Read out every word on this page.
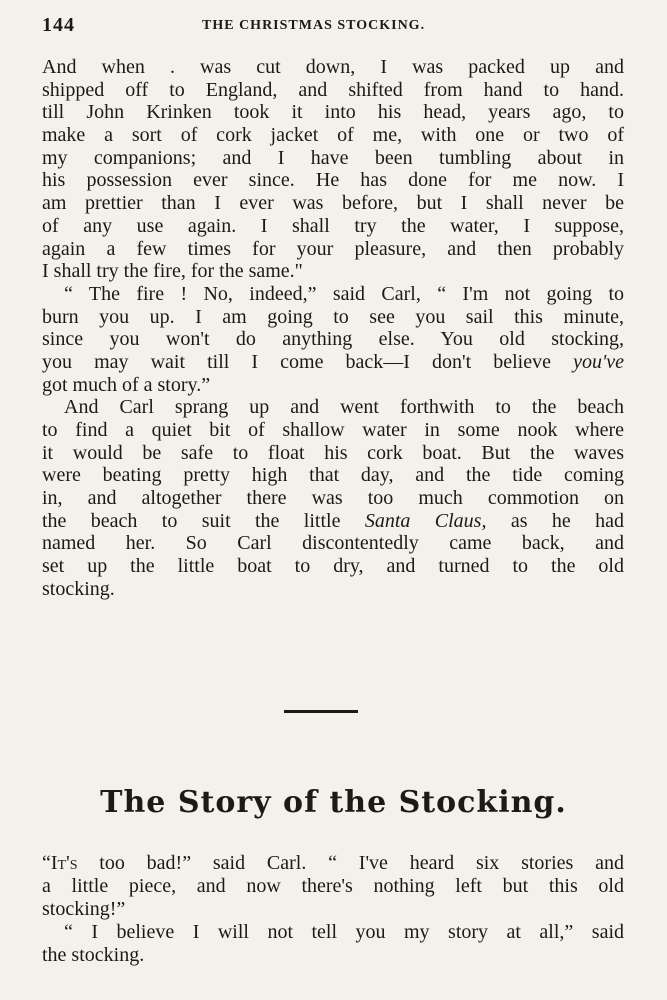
144	THE CHRISTMAS STOCKING.
And when . was cut down, I was packed up and
shipped off to England, and shifted from hand to hand.
till John Krinken took it into his head, years ago, to
make a sort of cork jacket of me, with one or two of
my companions; and I have been tumbling about in
his possession ever since. He has done for me now. I
am prettier than I ever was before, but I shall never be
of any use again. I shall try the water, I suppose,
again a few times for your pleasure, and then probably
I shall try the fire, for the same."
“ The fire ! No, indeed,” said Carl, “ I'm not going to
burn you up. I am going to see you sail this minute,
since you won't do anything else. You old stocking,
you may wait till I come back—I don't believe you've
got much of a story.”
And Carl sprang up and went forthwith to the beach
to find a quiet bit of shallow water in some nook where
it would be safe to float his cork boat. But the waves
were beating pretty high that day, and the tide coming
in, and altogether there was too much commotion on
the beach to suit the little Santa Claus, as he had
named her. So Carl discontentedly came back, and
set up the little boat to dry, and turned to the old
stocking.
The Story of the Stocking.
“It's too bad!” said Carl. “ I've heard six stories and
a little piece, and now there's nothing left but this old
stocking!”
“ I believe I will not tell you my story at all,” said
the stocking.
